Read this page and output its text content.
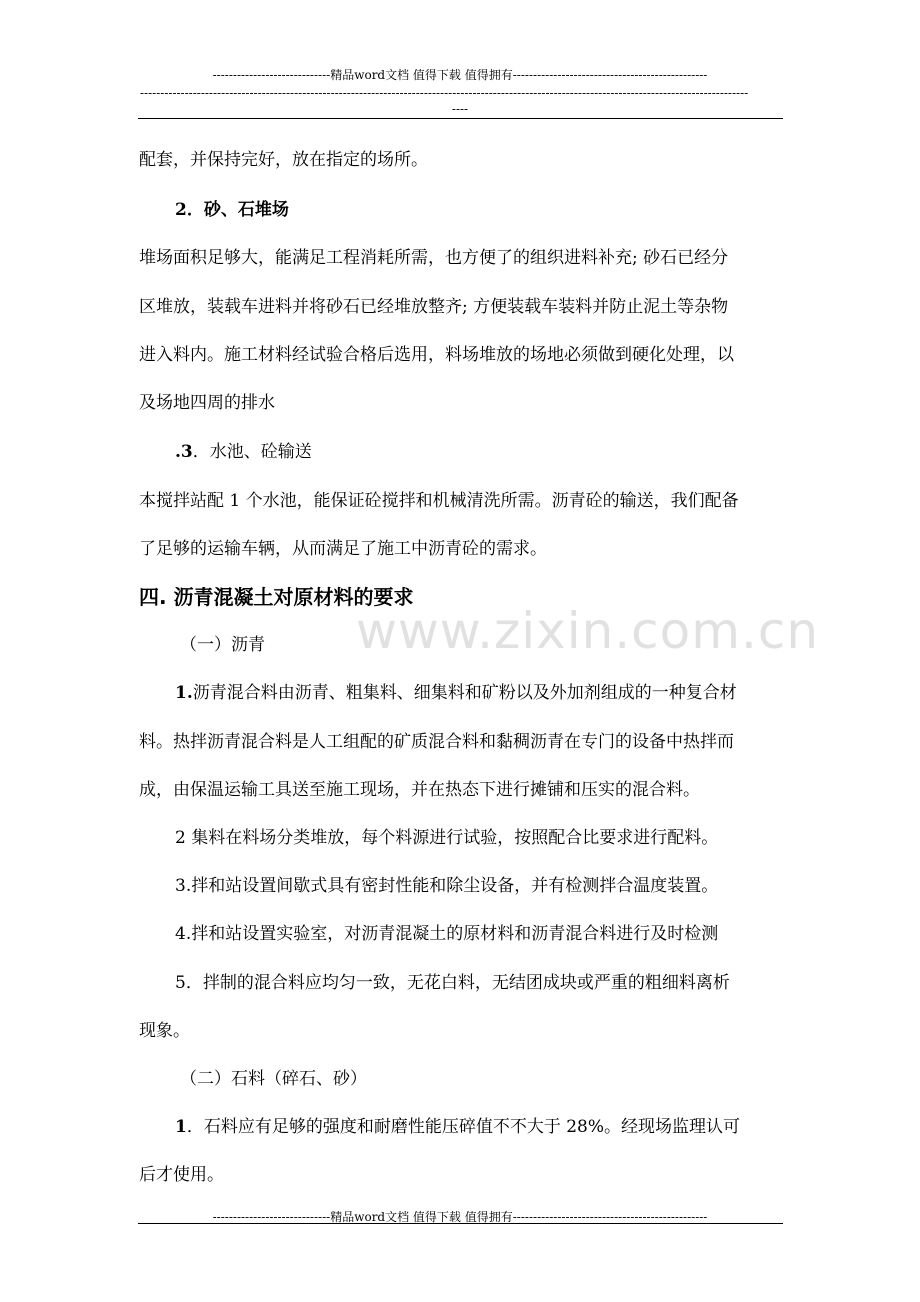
-----------------------------精品word文档 值得下载 值得拥有------------------------------------------------
------------------------------------------------------------------------------------------------------------------------------------------------------
----
www.zixin.com.cn
配套，并保持完好，放在指定的场所。
2．砂、石堆场
堆场面积足够大，能满足工程消耗所需，也方便了的组织进料补充; 砂石已经分
区堆放，装载车进料并将砂石已经堆放整齐; 方便装载车装料并防止泥土等杂物
进入料内。施工材料经试验合格后选用，料场堆放的场地必须做到硬化处理，以
及场地四周的排水
.3．水池、砼输送
本搅拌站配 1 个水池，能保证砼搅拌和机械清洗所需。沥青砼的输送，我们配备
了足够的运输车辆，从而满足了施工中沥青砼的需求。
四. 沥青混凝土对原材料的要求
（一）沥青
1.沥青混合料由沥青、粗集料、细集料和矿粉以及外加剂组成的一种复合材
料。热拌沥青混合料是人工组配的矿质混合料和黏稠沥青在专门的设备中热拌而
成，由保温运输工具送至施工现场，并在热态下进行摊铺和压实的混合料。
2 集料在料场分类堆放，每个料源进行试验，按照配合比要求进行配料。
3.拌和站设置间歇式具有密封性能和除尘设备，并有检测拌合温度装置。
4.拌和站设置实验室，对沥青混凝土的原材料和沥青混合料进行及时检测
5．拌制的混合料应均匀一致，无花白料，无结团成块或严重的粗细料离析
现象。
（二）石料（碎石、砂）
1．石料应有足够的强度和耐磨性能压碎值不不大于 28%。经现场监理认可
后才使用。
-----------------------------精品word文档 值得下载 值得拥有------------------------------------------------
